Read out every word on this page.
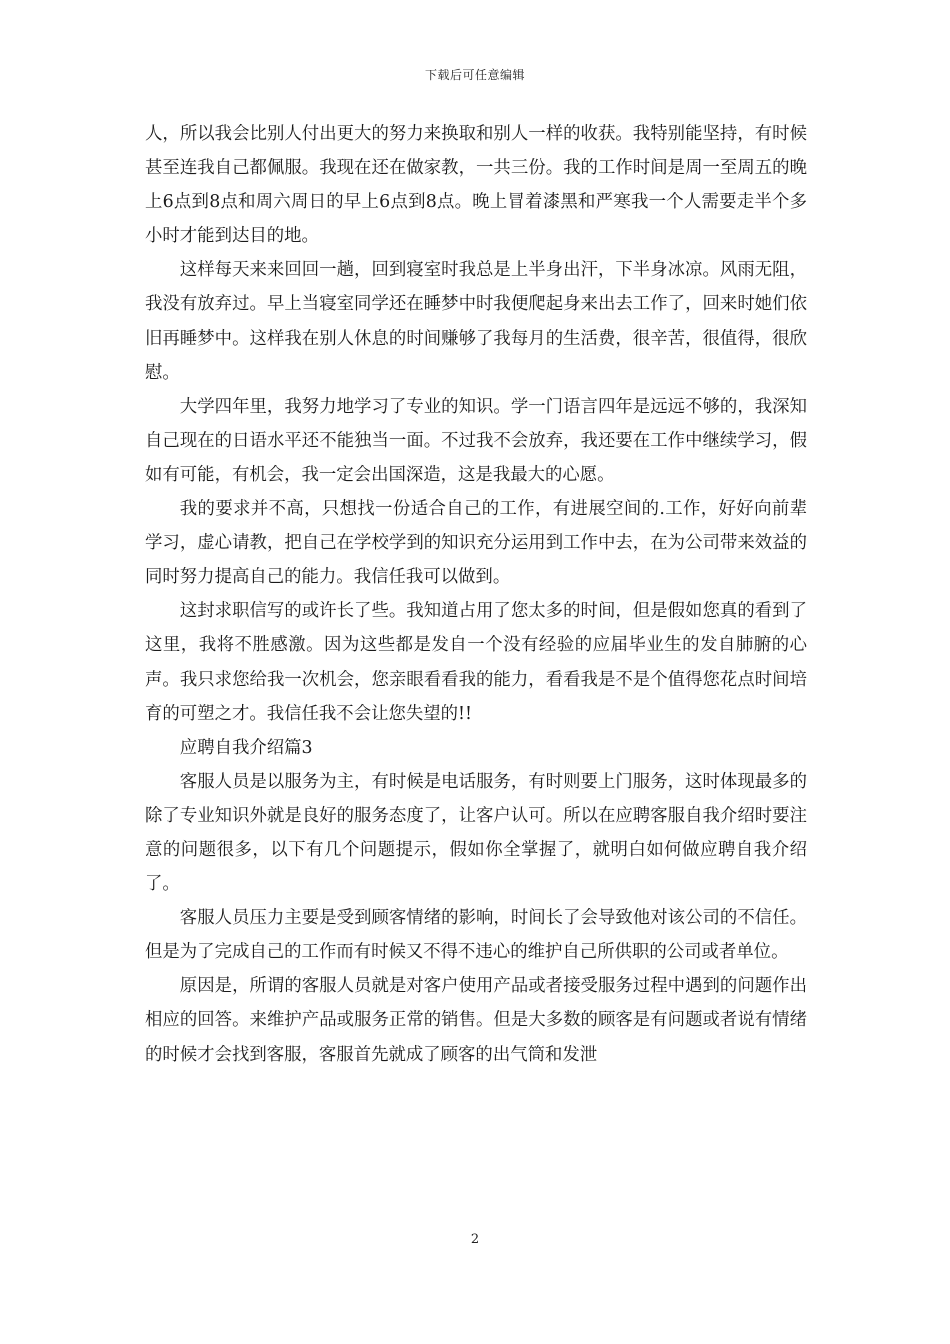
下载后可任意编辑

人，所以我会比别人付出更大的努力来换取和别人一样的收获。我特别能坚持，有时候甚至连我自己都佩服。我现在还在做家教，一共三份。我的工作时间是周一至周五的晚上6点到8点和周六周日的早上6点到8点。晚上冒着漆黑和严寒我一个人需要走半个多小时才能到达目的地。

这样每天来来回回一趟，回到寝室时我总是上半身出汗，下半身冰凉。风雨无阻，我没有放弃过。早上当寝室同学还在睡梦中时我便爬起身来出去工作了，回来时她们依旧再睡梦中。这样我在别人休息的时间赚够了我每月的生活费，很辛苦，很值得，很欣慰。

大学四年里，我努力地学习了专业的知识。学一门语言四年是远远不够的，我深知自己现在的日语水平还不能独当一面。不过我不会放弃，我还要在工作中继续学习，假如有可能，有机会，我一定会出国深造，这是我最大的心愿。

我的要求并不高，只想找一份适合自己的工作，有进展空间的.工作，好好向前辈学习，虚心请教，把自己在学校学到的知识充分运用到工作中去，在为公司带来效益的同时努力提高自己的能力。我信任我可以做到。

这封求职信写的或许长了些。我知道占用了您太多的时间，但是假如您真的看到了这里，我将不胜感激。因为这些都是发自一个没有经验的应届毕业生的发自肺腑的心声。我只求您给我一次机会，您亲眼看看我的能力，看看我是不是个值得您花点时间培育的可塑之才。我信任我不会让您失望的!!

应聘自我介绍篇3

客服人员是以服务为主，有时候是电话服务，有时则要上门服务，这时体现最多的除了专业知识外就是良好的服务态度了，让客户认可。所以在应聘客服自我介绍时要注意的问题很多，以下有几个问题提示，假如你全掌握了，就明白如何做应聘自我介绍了。

客服人员压力主要是受到顾客情绪的影响，时间长了会导致他对该公司的不信任。但是为了完成自己的工作而有时候又不得不违心的维护自己所供职的公司或者单位。

原因是，所谓的客服人员就是对客户使用产品或者接受服务过程中遇到的问题作出相应的回答。来维护产品或服务正常的销售。但是大多数的顾客是有问题或者说有情绪的时候才会找到客服，客服首先就成了顾客的出气筒和发泄

2
